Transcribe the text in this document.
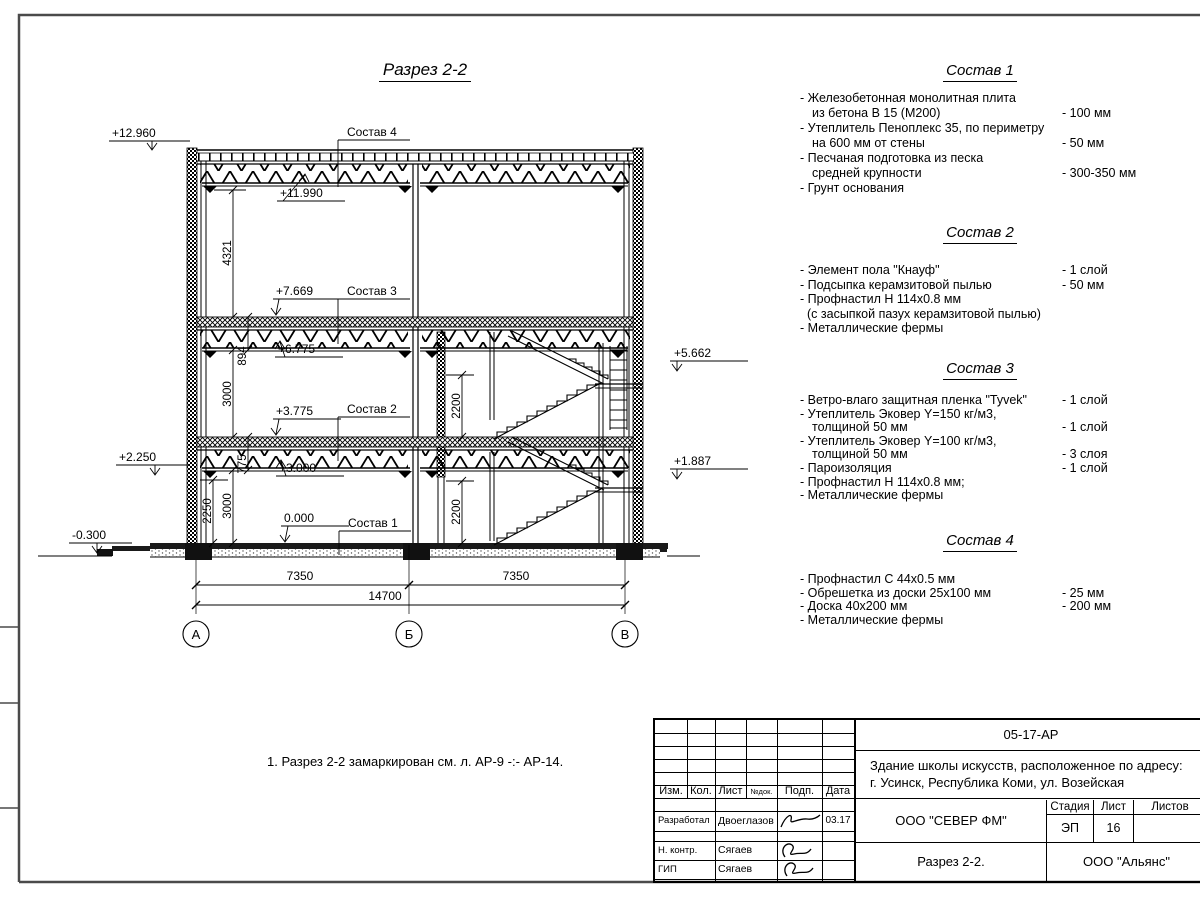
Состав 4
Состав 3
Состав 2
Состав 1
+12.960
+11.990
+7.669
+6.775
+3.775
+3.000
0.000
+2.250
-0.300
+5.662
+1.887
4321
894
3000
775
3000
2250
2200
2200
7350	7350
14700
А	Б	В
Разрез 2-2
1. Разрез 2-2 замаркирован см. л. АР-9 -:- АР-14.
Состав 1
- Железобетонная монолитная плита
из бетона В 15 (М200)	- 100 мм
- Утеплитель Пеноплекс 35, по периметру
на 600 мм от стены	- 50 мм
- Песчаная подготовка из песка
средней крупности	- 300-350 мм
- Грунт основания
Состав 2
- Элемент пола "Кнауф"	- 1 слой
- Подсыпка керамзитовой пылью	- 50 мм
- Профнастил Н 114х0.8 мм
(с засыпкой пазух керамзитовой пылью)
- Металлические фермы
Состав 3
- Ветро-влаго защитная пленка "Tyvek"	- 1 слой
- Утеплитель Эковер Y=150 кг/м3,
толщиной 50 мм	- 1 слой
- Утеплитель Эковер Y=100 кг/м3,
толщиной 50 мм	- 3 слоя
- Пароизоляция	- 1 слой
- Профнастил Н 114х0.8 мм;
- Металлические фермы
Состав 4
- Профнастил С 44х0.5 мм
- Обрешетка из доски 25х100 мм	- 25 мм
- Доска 40х200 мм	- 200 мм
- Металлические фермы
Изм. Кол. Лист	№док.	Подп.	Дата
Разработал Двоеглазов	03.17
Н. контр.	Сягаев
ГИП	Сягаев
05-17-АР
Здание школы искусств, расположенное по адресу:
г. Усинск, Республика Коми, ул. Возейская
ООО "СЕВЕР ФМ"
Стадия Лист	Листов
ЭП	16
Разрез 2-2.	ООО "Альянс"
